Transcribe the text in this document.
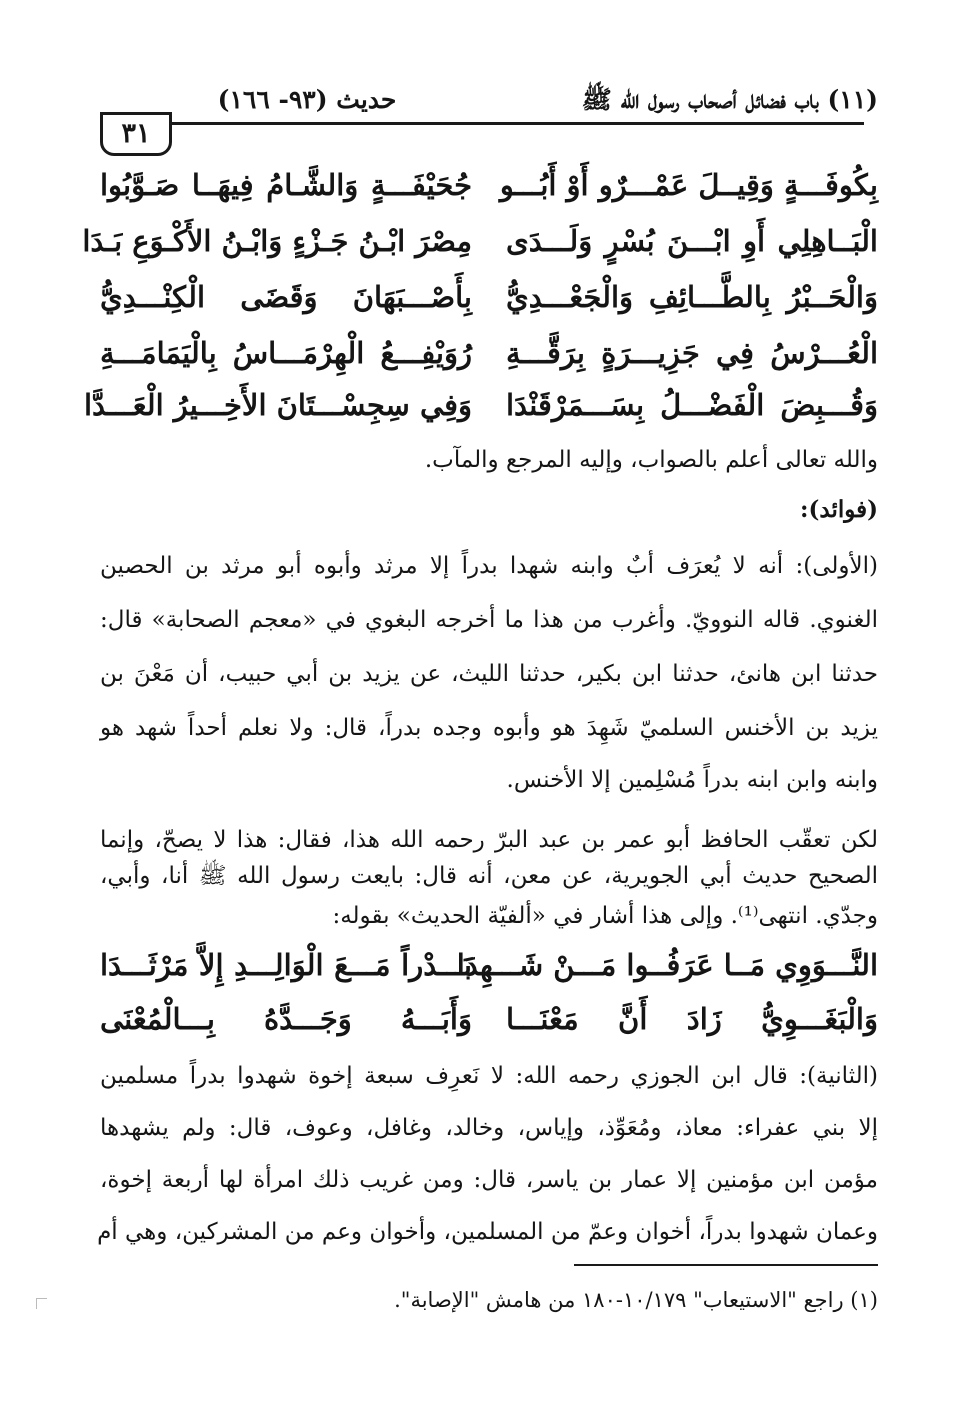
٣١
حديث (٩٣- ١٦٦)	(١١) باب فضائل أصحاب رسول الله ﷺ
بِكُوفَـــةٍ وَقِيــلَ عَمْـــرٌو أَوْ أَبُـــو
جُحَيْفَـــةٍ وَالشَّـامُ فِيهَــا صَـوَّبُوا
الْبَــاهِلِي أَوِ ابْـــنَ بُسْرٍ وَلَـــدَى
مِصْرَ ابْـنُ جَـزْءٍ وَابْـنُ الأَكْـوَعِ بَـدَا
وَالْحَــبْرُ بِالطَّـــائِفِ وَالْجَعْـــدِيُّ
بِأَصْـــبَهَانَ وَقَضَى الْكِنْـــدِيُّ
الْعُـــرْسُ فِي جَزِيـــرَةٍ بِرَقَّـــةِ
رُوَيْفِـــعُ الْهِرْمَـــاسُ بِالْيَمَامَـــةِ
وَقُـــبِضَ الْفَضْـــلُ بِسَـــمَرْقَنْدَا
وَفِي سِجِسْـــتَانَ الأَخِـــيرُ الْعَـــدَّا
والله تعالى أعلم بالصواب، وإليه المرجع والمآب.
(فوائد):
(الأولى): أنه لا يُعرَف أبٌ وابنه شهدا بدراً إلا مرثد وأبوه أبو مرثد بن الحصين
الغنوي. قاله النوويّ. وأغرب من هذا ما أخرجه البغوي في «معجم الصحابة» قال:
حدثنا ابن هانئ، حدثنا ابن بكير، حدثنا الليث، عن يزيد بن أبي حبيب، أن مَعْنَ بن
يزيد بن الأخنس السلميّ شَهِدَ هو وأبوه وجده بدراً، قال: ولا نعلم أحداً شهد هو
وابنه وابن ابنه بدراً مُسْلِمين إلا الأخنس.
لكن تعقّب الحافظ أبو عمر بن عبد البرّ رحمه الله هذا، فقال: هذا لا يصحّ، وإنما
الصحيح حديث أبي الجويرية، عن معن، أنه قال: بايعت رسول الله ﷺ أنا، وأبي،
وجدّي. انتهى⁽¹⁾. وإلى هذا أشار في «ألفيّة الحديث» بقوله:
النَّـــوَوِي مَــا عَرَفُــوا مَـــنْ شَـــهِدَا
بَـــدْراً مَـــعَ الْوَالِـــدِ إِلاَّ مَرْثَـــدَا
وَالْبَغَـــوِيُّ زَادَ أَنَّ مَعْنَـــا
وَأَبَـــهُ وَجَـــدَّهُ بِـــالْمُعْنَى
(الثانية): قال ابن الجوزي رحمه الله: لا نَعرِف سبعة إخوة شهدوا بدراً مسلمين
إلا بني عفراء: معاذ، ومُعَوِّذ، وإياس، وخالد، وغافل، وعوف، قال: ولم يشهدها
مؤمن ابن مؤمنين إلا عمار بن ياسر، قال: ومن غريب ذلك امرأة لها أربعة إخوة،
وعمان شهدوا بدراً، أخوان وعمّ من المسلمين، وأخوان وعم من المشركين، وهي أم
(١) راجع "الاستيعاب" ١٠/١٧٩-١٨٠ من هامش "الإصابة".
